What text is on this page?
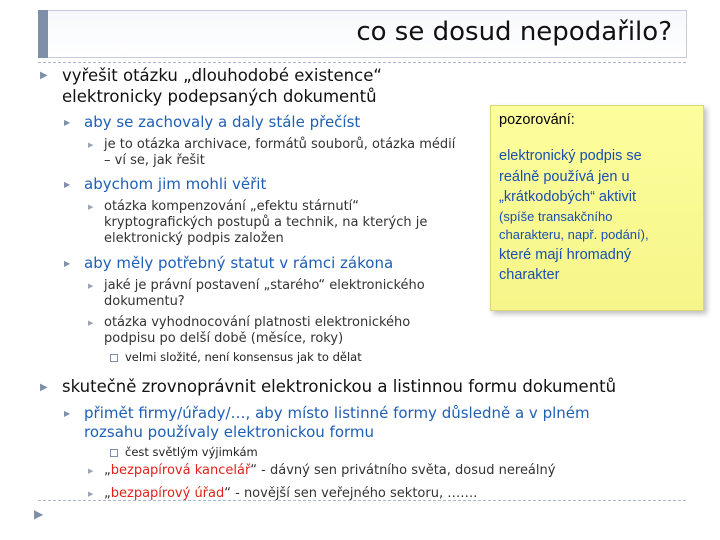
co se dosud nepodařilo?
▶ vyřešit otázku „dlouhodobé existence“
elektronicky podepsaných dokumentů
▶ aby se zachovaly a daly stále přečíst
▶ je to otázka archivace, formátů souborů, otázka médií
– ví se, jak řešit
▶ abychom jim mohli věřit
▶ otázka kompenzování „efektu stárnutí“
kryptografických postupů a technik, na kterých je
elektronický podpis založen
▶ aby měly potřebný statut v rámci zákona
▶ jaké je právní postavení „starého“ elektronického
dokumentu?
▶ otázka vyhodnocování platnosti elektronického
podpisu po delší době (měsíce, roky)
velmi složité, není konsensus jak to dělat
pozorování:
elektronický podpis se
reálně používá jen u
„krátkodobých“ aktivit
(spíše transakčního
charakteru, např. podání),
které mají hromadný
charakter
▶ skutečně zrovnoprávnit elektronickou a listinnou formu dokumentů
▶ přimět firmy/úřady/…, aby místo listinné formy důsledně a v plném
rozsahu používaly elektronickou formu
čest světlým výjimkám
▶ „bezpapírová kancelář“ - dávný sen privátního světa, dosud nereálný
▶ „bezpapírový úřad“ - novější sen veřejného sektoru, …….
▶
